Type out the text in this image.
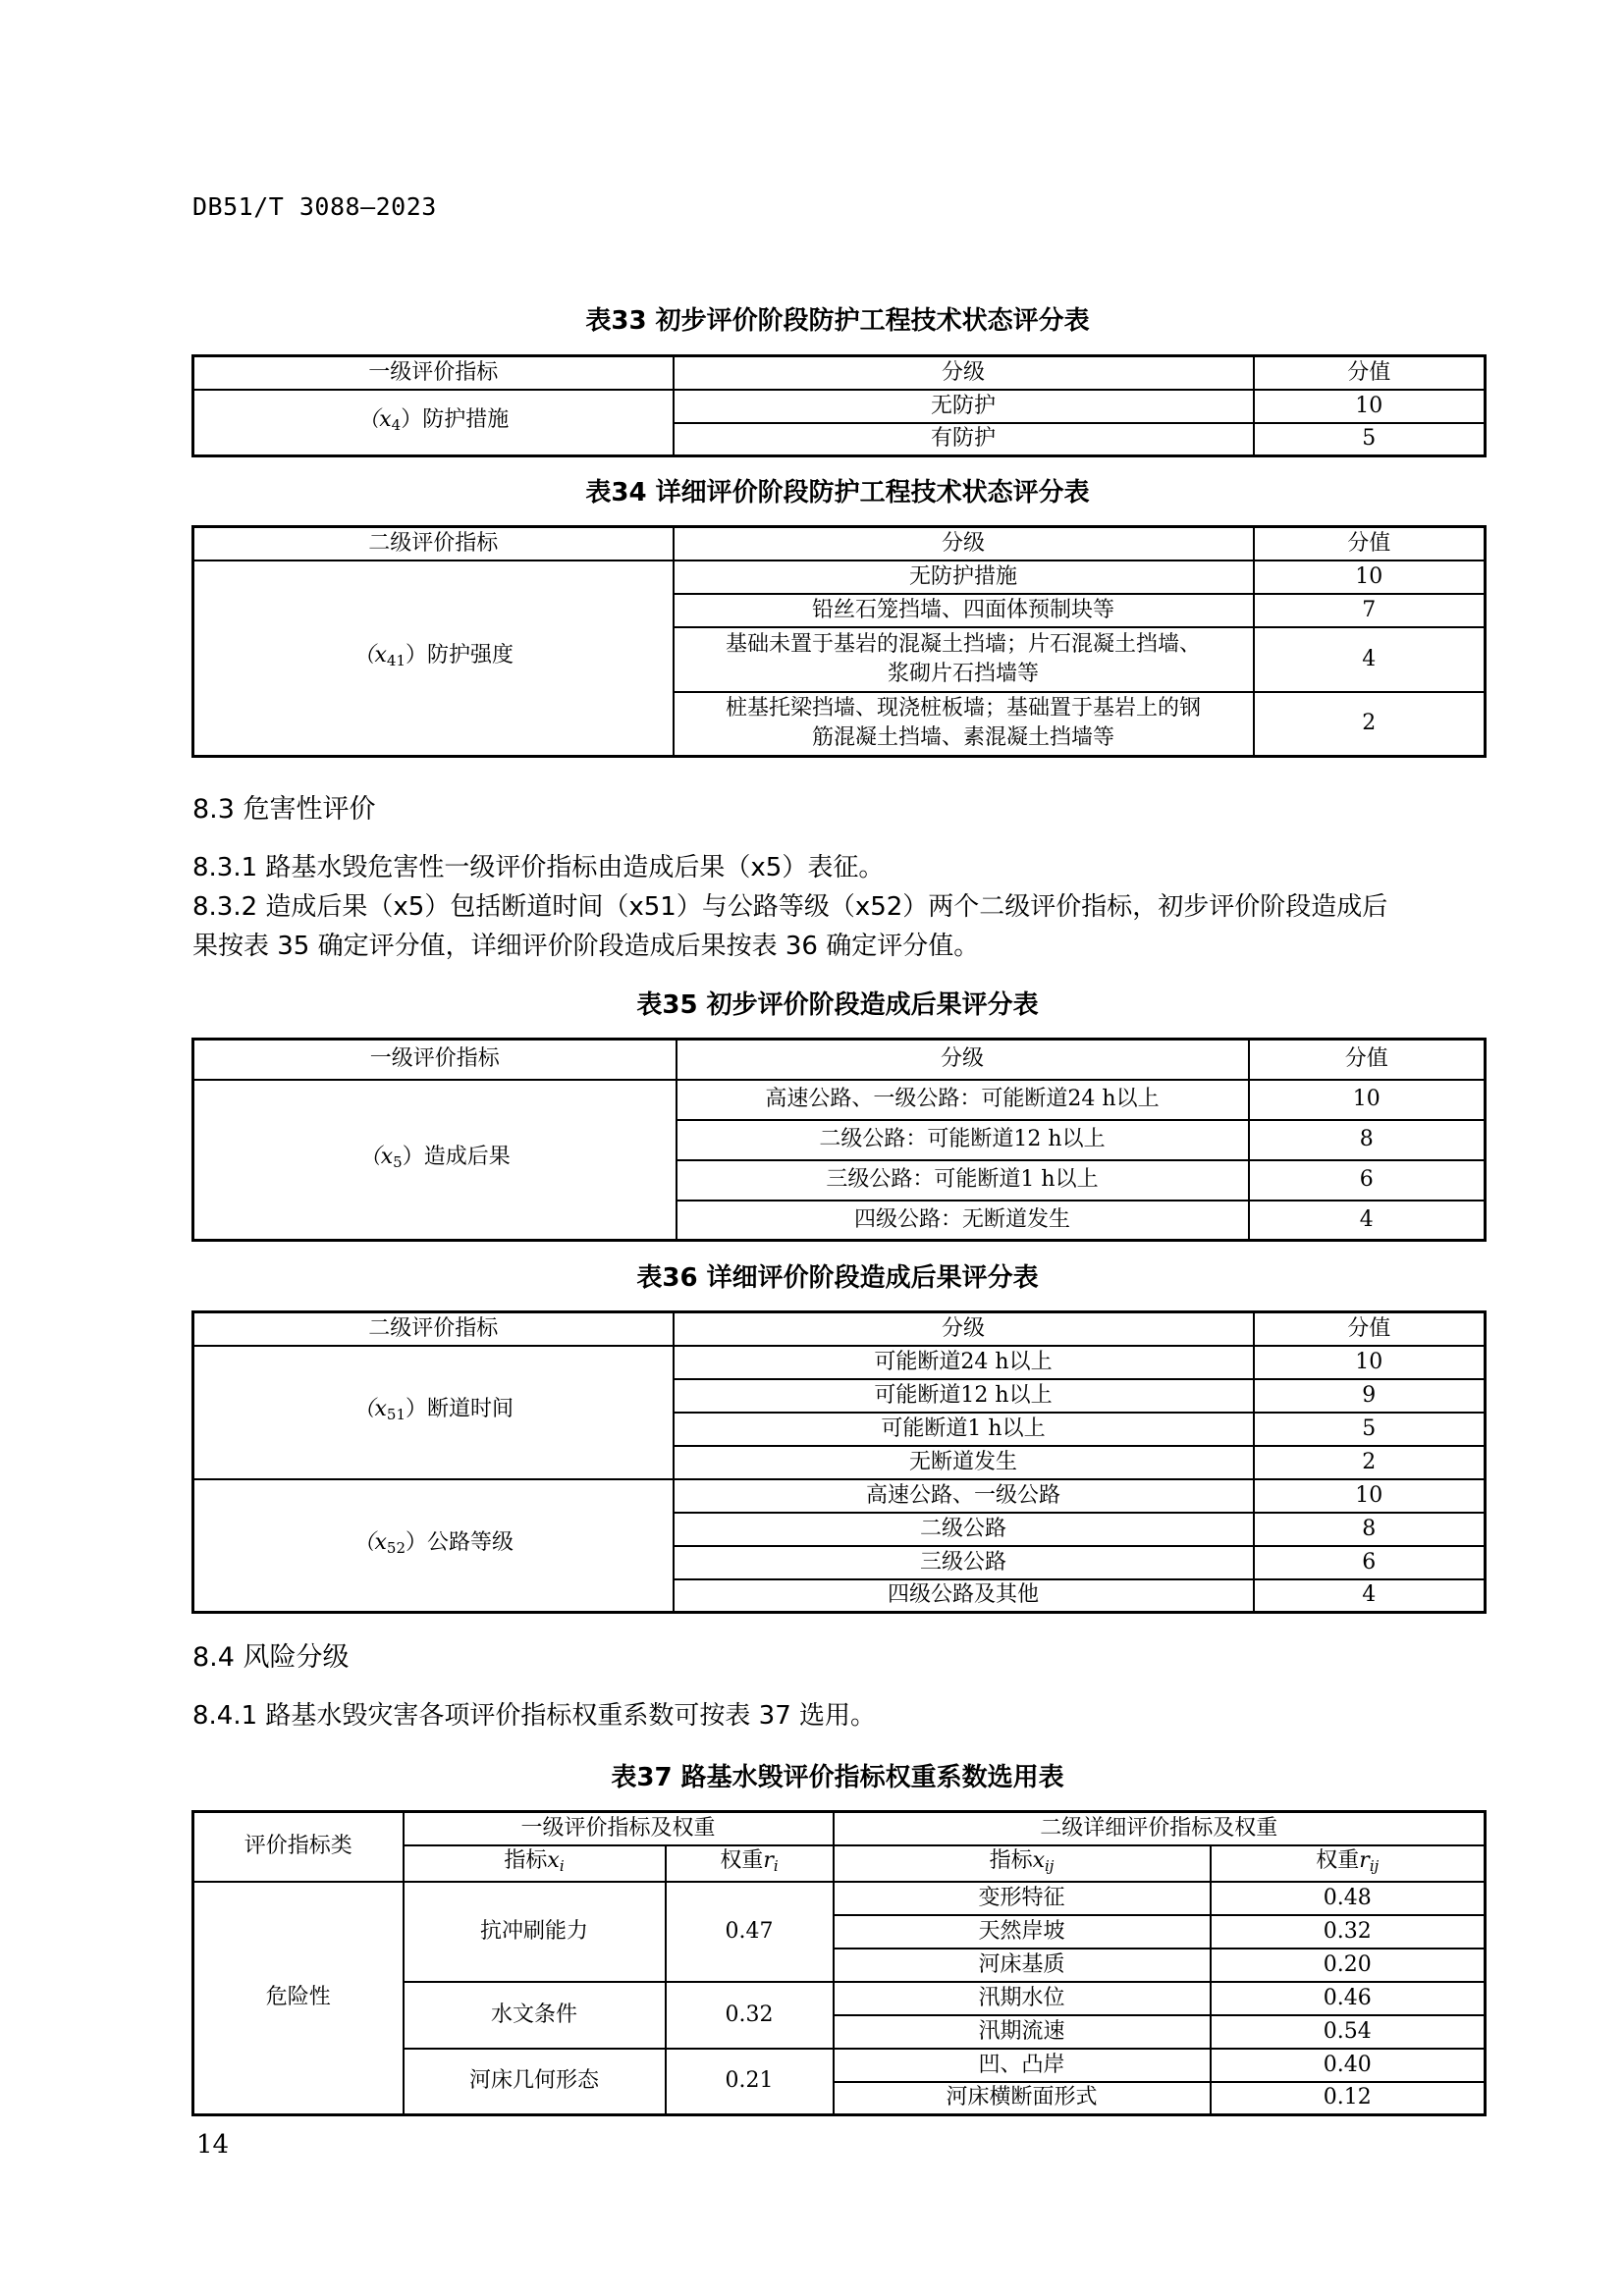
DB51/T 3088—2023
表33 初步评价阶段防护工程技术状态评分表
一级评价指标	分级	分值
$(x_4)$防护措施	无防护	10
	有防护	5
表34 详细评价阶段防护工程技术状态评分表
二级评价指标	分级	分值
$(x_{41})$防护强度	无防护措施	10
	铅丝石笼挡墙、四面体预制块等	7

	基础未置于基岩的混凝土挡墙；片石混凝土挡墙、
浆砌片石挡墙等	4

	桩基托梁挡墙、现浇桩板墙；基础置于基岩上的钢
筋混凝土挡墙、素混凝土挡墙等	2
8.3 危害性评价
8.3.1 路基水毁危害性一级评价指标由造成后果（x5）表征。
8.3.2 造成后果（x5）包括断道时间（x51）与公路等级（x52）两个二级评价指标，初步评价阶段造成后
果按表 35 确定评分值，详细评价阶段造成后果按表 36 确定评分值。
表35 初步评价阶段造成后果评分表
一级评价指标	分级	分值
$(x_5)$造成后果	高速公路、一级公路：可能断道24 h以上	10
	二级公路：可能断道12 h以上	8
	三级公路：可能断道1 h以上	6
	四级公路：无断道发生	4
表36 详细评价阶段造成后果评分表
二级评价指标	分级	分值
$(x_{51})$断道时间	可能断道24 h以上	10
	可能断道12 h以上	9
	可能断道1 h以上	5
	无断道发生	2
$(x_{52})$公路等级	高速公路、一级公路	10
	二级公路	8
	三级公路	6
	四级公路及其他	4
8.4 风险分级
8.4.1 路基水毁灾害各项评价指标权重系数可按表 37 选用。
表37 路基水毁评价指标权重系数选用表
评价指标类	一级评价指标及权重		二级详细评价指标及权重	
	指标$x_i$	权重$r_i$	指标$x_{ij}$	权重$r_{ij}$
危险性	抗冲刷能力	0.47	变形特征	0.48
			天然岸坡	0.32
			河床基质	0.20
	水文条件	0.32	汛期水位	0.46
			汛期流速	0.54
	河床几何形态	0.21	凹、凸岸	0.40
			河床横断面形式	0.12
14
